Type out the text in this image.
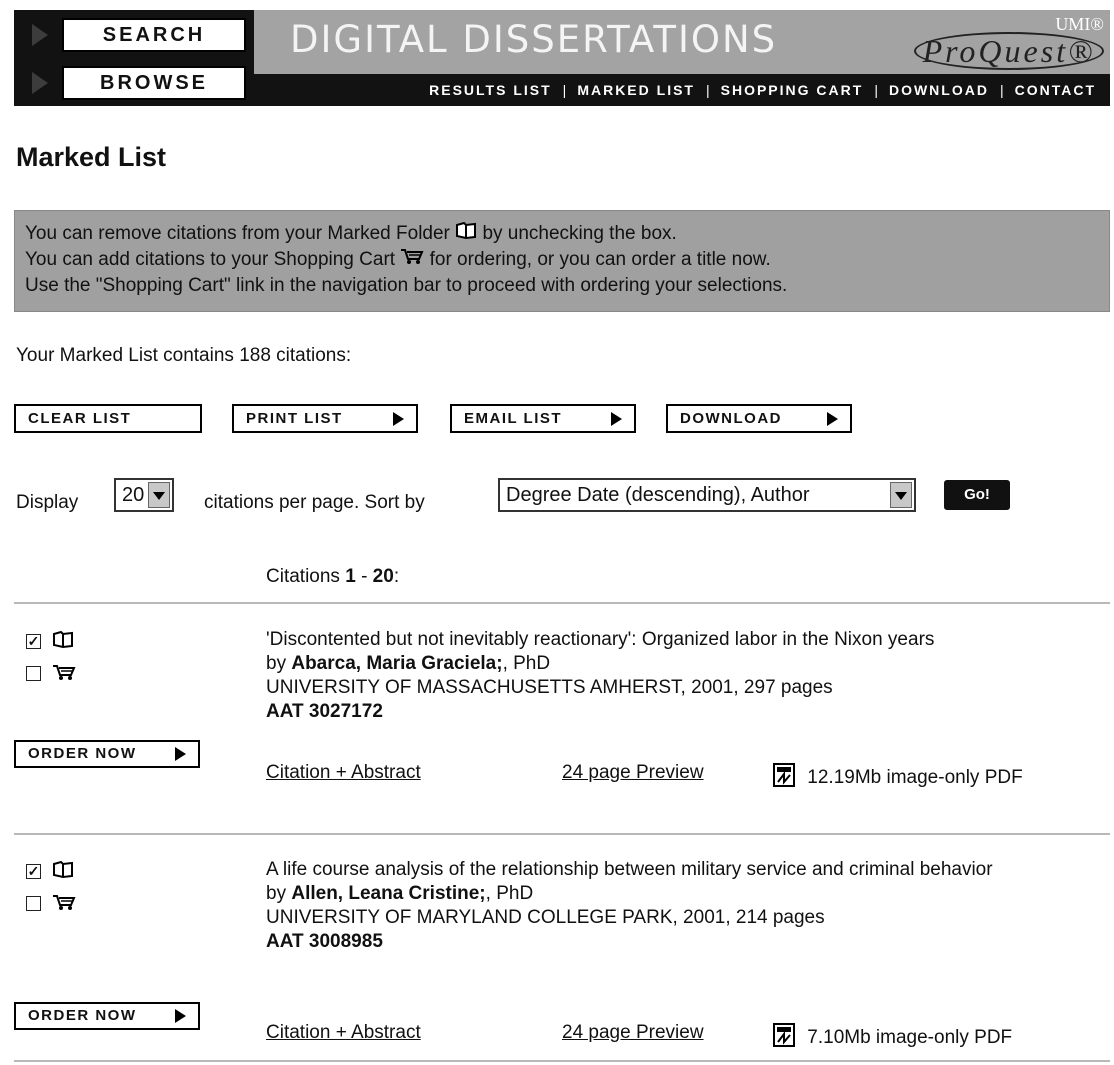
SEARCH
BROWSE
DIGITAL DISSERTATIONS	UMI®
ProQuest®
RESULTS LIST | MARKED LIST | SHOPPING CART | DOWNLOAD | CONTACT
Marked List

You can remove citations from your Marked Folder by unchecking the box.

You can add citations to your Shopping Cart for ordering, or you can order a title now.

Use the "Shopping Cart" link in the navigation bar to proceed with ordering your selections.

Your Marked List contains 188 citations:
CLEAR LIST	PRINT LIST	EMAIL LIST	DOWNLOAD
Display	20	citations per page. Sort by	Degree Date (descending), Author	Go!
Citations 1 - 20:
✓
ORDER NOW
'Discontented but not inevitably reactionary': Organized labor in the Nixon years
by Abarca, Maria Graciela;, PhD
UNIVERSITY OF MASSACHUSETTS AMHERST, 2001, 297 pages
AAT 3027172
Citation + Abstract	24 page Preview	12.19Mb image-only PDF
✓
ORDER NOW
A life course analysis of the relationship between military service and criminal behavior
by Allen, Leana Cristine;, PhD
UNIVERSITY OF MARYLAND COLLEGE PARK, 2001, 214 pages
AAT 3008985
Citation + Abstract	24 page Preview	7.10Mb image-only PDF
